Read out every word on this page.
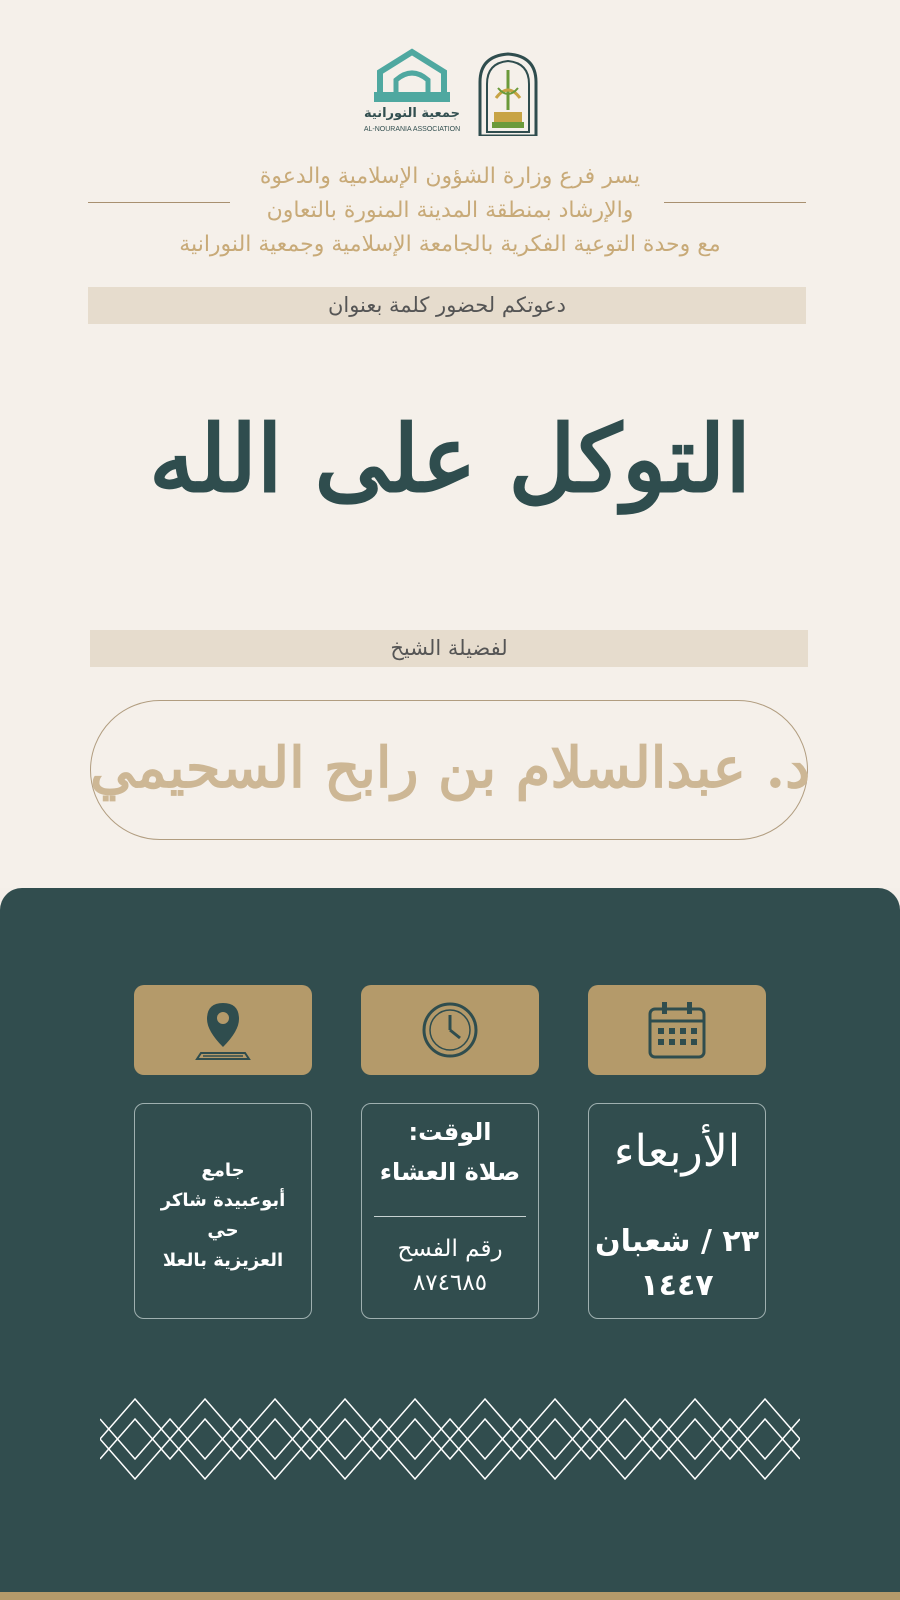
جمعية النورانية
AL-NOURANIA ASSOCIATION
يسر فرع وزارة الشؤون الإسلامية والدعوة
والإرشاد بمنطقة المدينة المنورة بالتعاون
مع وحدة التوعية الفكرية بالجامعة الإسلامية وجمعية النورانية
دعوتكم لحضور كلمة بعنوان
التوكل على الله
لفضيلة الشيخ
د. عبدالسلام بن رابح السحيمي
الأربعاء
٢٣ / شعبان
١٤٤٧
الوقت:
صلاة العشاء
رقم الفسح
٨٧٤٦٨٥
جامع
أبوعبيدة شاكر
حي
العزيزية بالعلا
